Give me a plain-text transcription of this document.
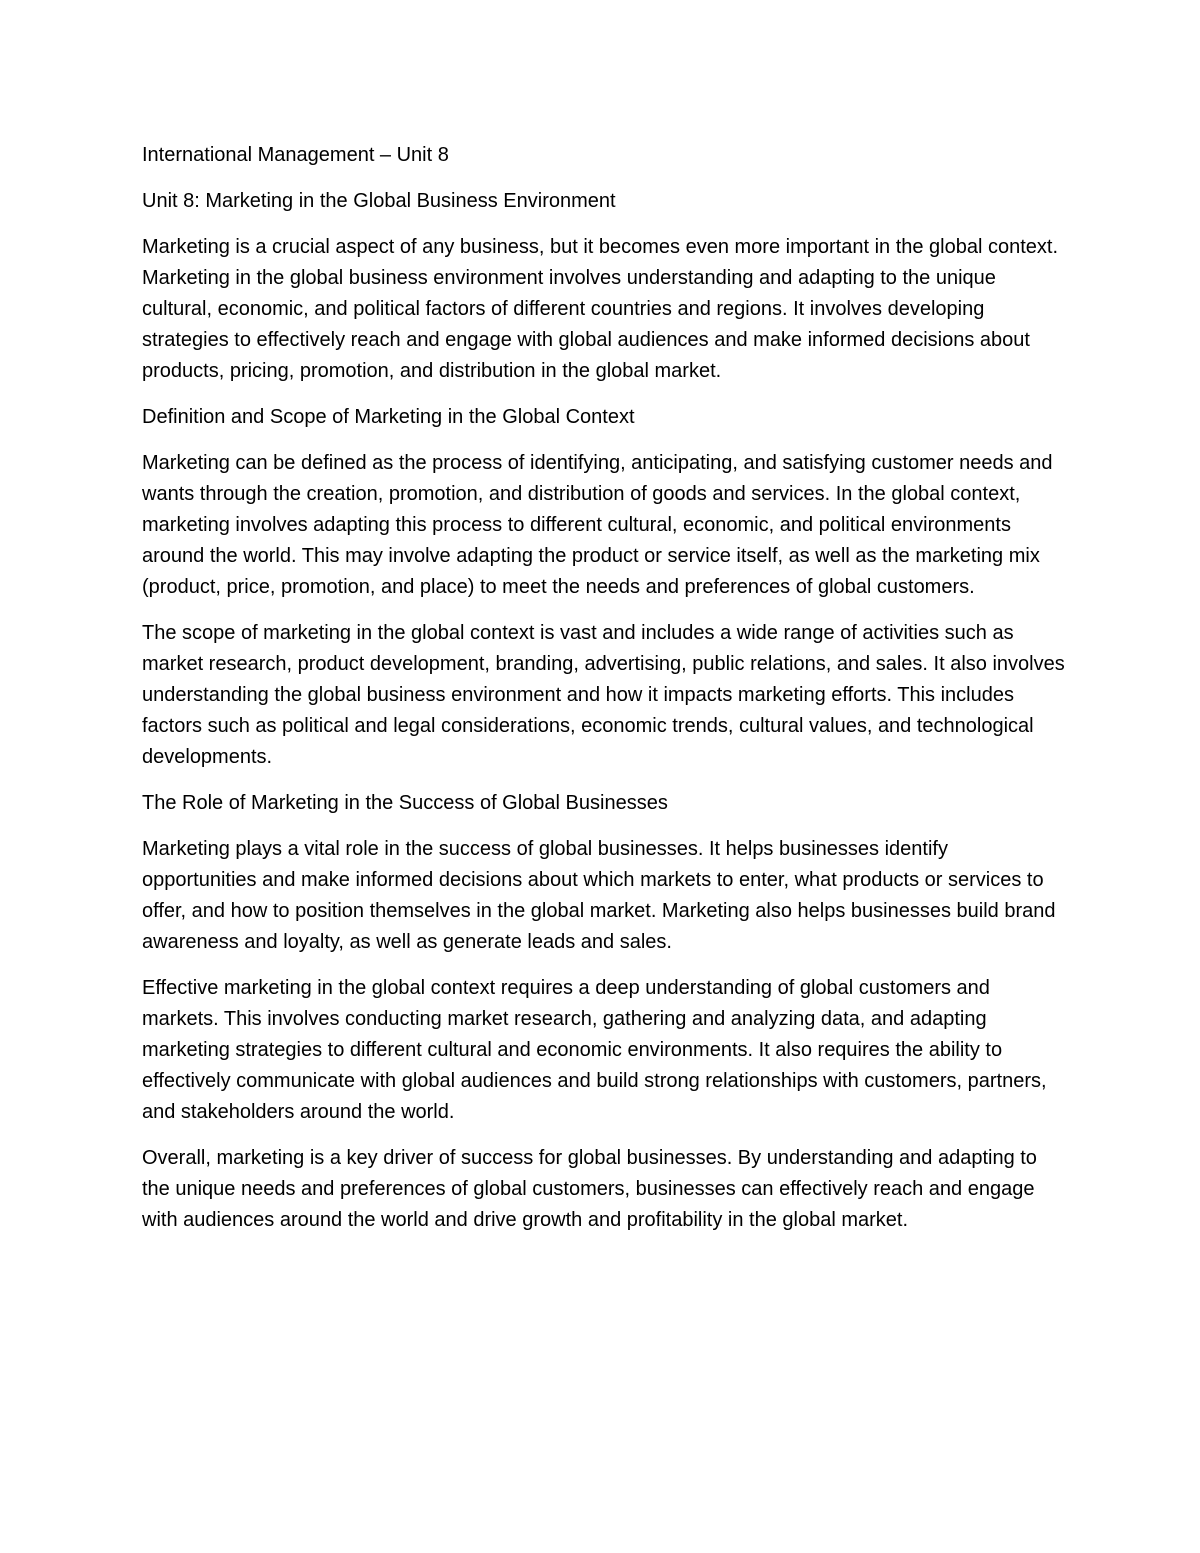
International Management – Unit 8

Unit 8: Marketing in the Global Business Environment

Marketing is a crucial aspect of any business, but it becomes even more important in the global context. Marketing in the global business environment involves understanding and adapting to the unique cultural, economic, and political factors of different countries and regions. It involves developing strategies to effectively reach and engage with global audiences and make informed decisions about products, pricing, promotion, and distribution in the global market.

Definition and Scope of Marketing in the Global Context

Marketing can be defined as the process of identifying, anticipating, and satisfying customer needs and wants through the creation, promotion, and distribution of goods and services. In the global context, marketing involves adapting this process to different cultural, economic, and political environments around the world. This may involve adapting the product or service itself, as well as the marketing mix (product, price, promotion, and place) to meet the needs and preferences of global customers.

The scope of marketing in the global context is vast and includes a wide range of activities such as market research, product development, branding, advertising, public relations, and sales. It also involves understanding the global business environment and how it impacts marketing efforts. This includes factors such as political and legal considerations, economic trends, cultural values, and technological developments.

The Role of Marketing in the Success of Global Businesses

Marketing plays a vital role in the success of global businesses. It helps businesses identify opportunities and make informed decisions about which markets to enter, what products or services to offer, and how to position themselves in the global market. Marketing also helps businesses build brand awareness and loyalty, as well as generate leads and sales.

Effective marketing in the global context requires a deep understanding of global customers and markets. This involves conducting market research, gathering and analyzing data, and adapting marketing strategies to different cultural and economic environments. It also requires the ability to effectively communicate with global audiences and build strong relationships with customers, partners, and stakeholders around the world.

Overall, marketing is a key driver of success for global businesses. By understanding and adapting to the unique needs and preferences of global customers, businesses can effectively reach and engage with audiences around the world and drive growth and profitability in the global market.
